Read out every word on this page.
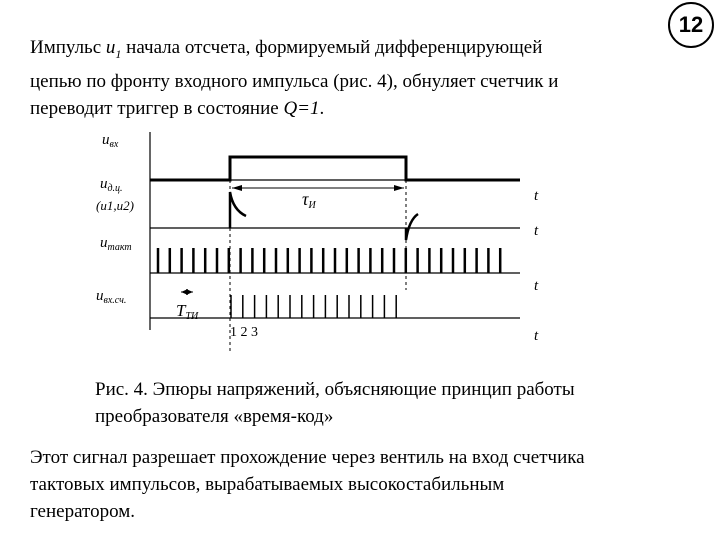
12

Импульс $u_1$ начала отсчета, формируемый дифференцирующей
цепью по фронту входного импульса (рис. 4), обнуляет счетчик и
переводит триггер в состояние Q=1.

$u_{вх}$
$u_{д.ц.}$
(u1,u2)
$u_{такт}$
$u_{вх.сч.}$
τИ
TТИ
t
t
t
t
1 2 3

Рис. 4. Эпюры напряжений, объясняющие принцип работы
преобразователя «время-код»

Этот сигнал разрешает прохождение через вентиль на вход счетчика
тактовых импульсов, вырабатываемых высокостабильным
генератором.
